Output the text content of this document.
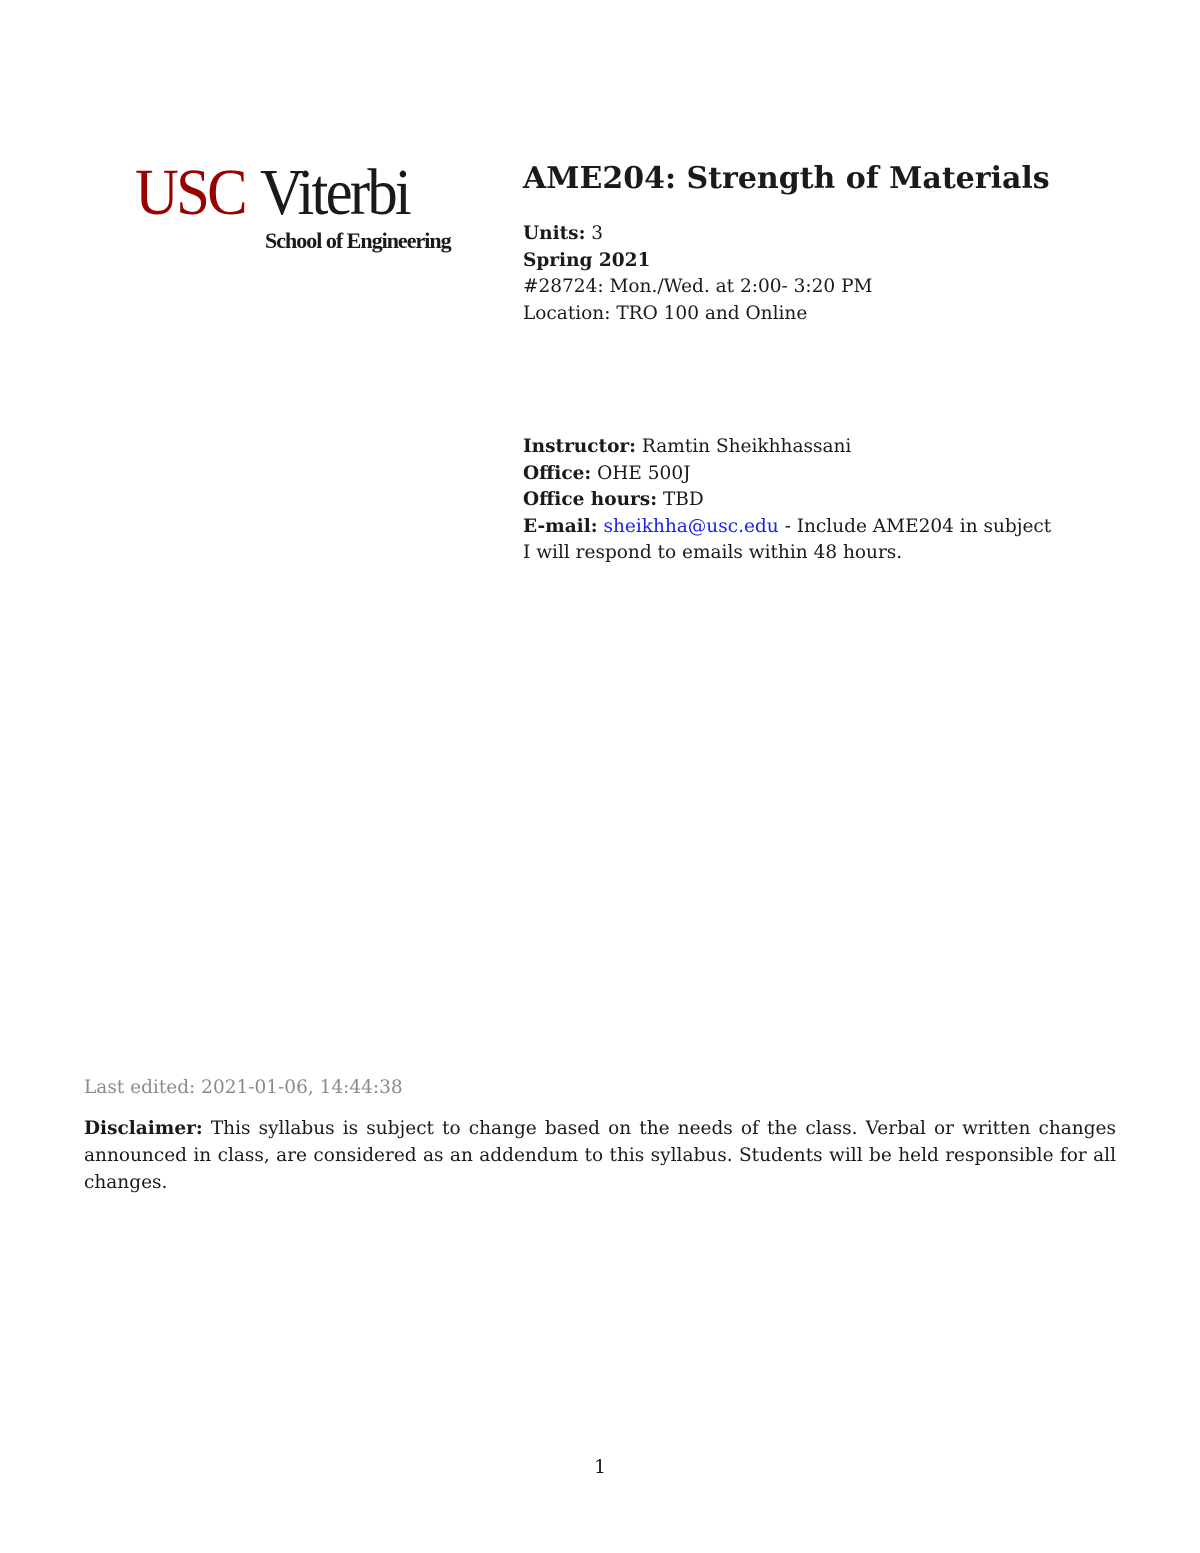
USC Viterbi
School of Engineering
AME204: Strength of Materials
Units: 3
Spring 2021
#28724: Mon./Wed. at 2:00- 3:20 PM
Location: TRO 100 and Online
Instructor: Ramtin Sheikhhassani
Office: OHE 500J
Office hours: TBD
E-mail: sheikhha@usc.edu - Include AME204 in subject
I will respond to emails within 48 hours.
Last edited: 2021-01-06, 14:44:38
Disclaimer: This syllabus is subject to change based on the needs of the class. Verbal or written changes announced in class, are considered as an addendum to this syllabus. Students will be held responsible for all changes.
1
